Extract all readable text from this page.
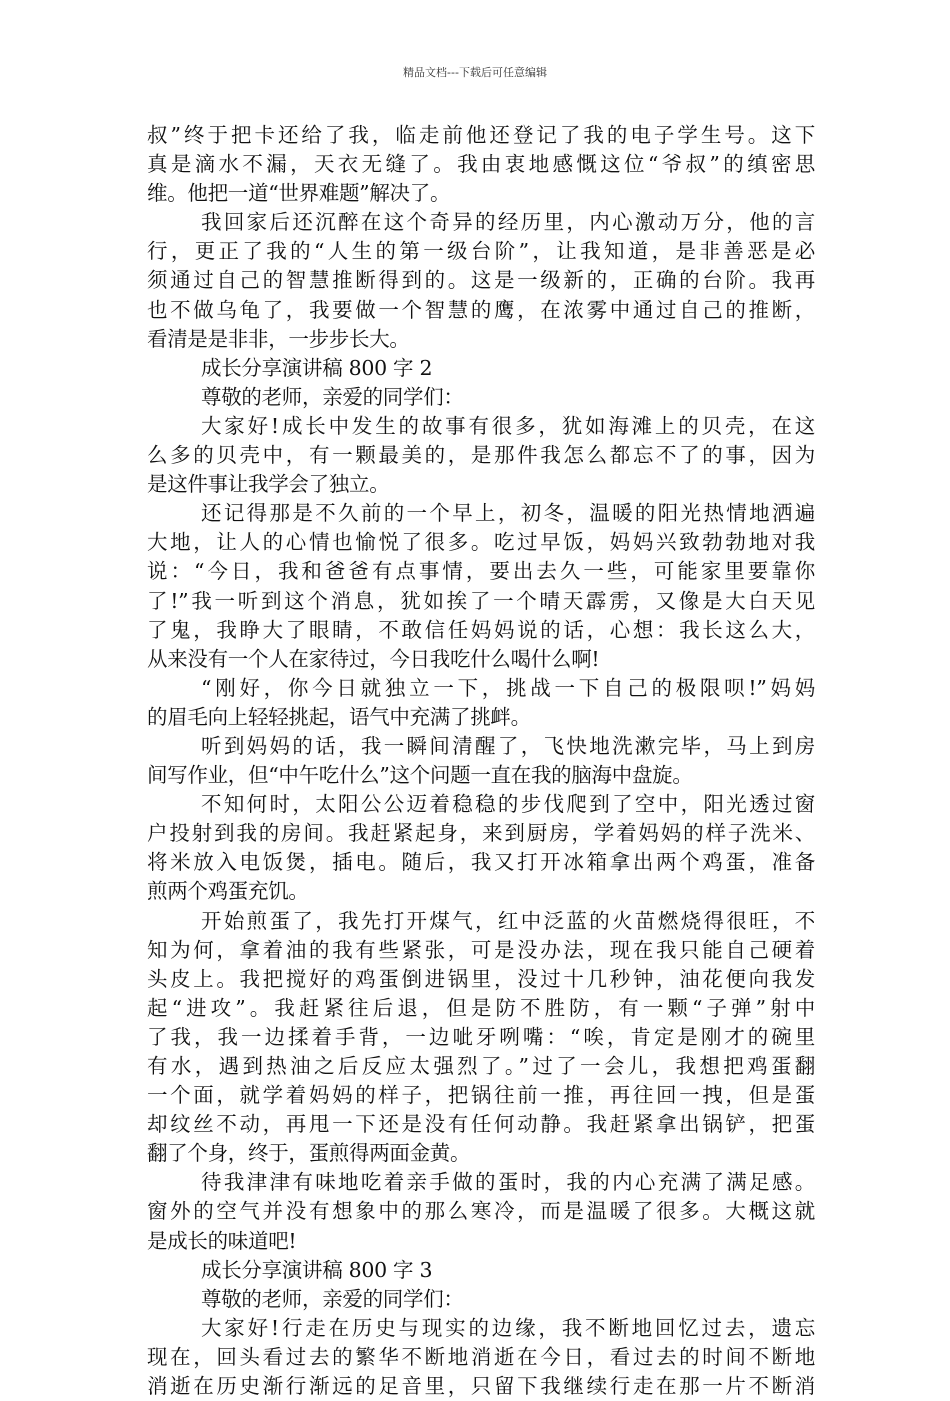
精品文档---下载后可任意编辑
叔”终于把卡还给了我，临走前他还登记了我的电子学生号。这下
真是滴水不漏，天衣无缝了。我由衷地感慨这位“爷叔”的缜密思
维。他把一道“世界难题”解决了。
我回家后还沉醉在这个奇异的经历里，内心激动万分，他的言
行，更正了我的“人生的第一级台阶”，让我知道，是非善恶是必
须通过自己的智慧推断得到的。这是一级新的，正确的台阶。我再
也不做乌龟了，我要做一个智慧的鹰，在浓雾中通过自己的推断，
看清是是非非，一步步长大。
成长分享演讲稿 800 字 2
尊敬的老师，亲爱的同学们：
大家好!成长中发生的故事有很多，犹如海滩上的贝壳，在这
么多的贝壳中，有一颗最美的，是那件我怎么都忘不了的事，因为
是这件事让我学会了独立。
还记得那是不久前的一个早上，初冬，温暖的阳光热情地洒遍
大地，让人的心情也愉悦了很多。吃过早饭，妈妈兴致勃勃地对我
说：“今日，我和爸爸有点事情，要出去久一些，可能家里要靠你
了!”我一听到这个消息，犹如挨了一个晴天霹雳，又像是大白天见
了鬼，我睁大了眼睛，不敢信任妈妈说的话，心想：我长这么大，
从来没有一个人在家待过，今日我吃什么喝什么啊!
“刚好，你今日就独立一下，挑战一下自己的极限呗!”妈妈
的眉毛向上轻轻挑起，语气中充满了挑衅。
听到妈妈的话，我一瞬间清醒了，飞快地洗漱完毕，马上到房
间写作业，但“中午吃什么”这个问题一直在我的脑海中盘旋。
不知何时，太阳公公迈着稳稳的步伐爬到了空中，阳光透过窗
户投射到我的房间。我赶紧起身，来到厨房，学着妈妈的样子洗米、
将米放入电饭煲，插电。随后，我又打开冰箱拿出两个鸡蛋，准备
煎两个鸡蛋充饥。
开始煎蛋了，我先打开煤气，红中泛蓝的火苗燃烧得很旺，不
知为何，拿着油的我有些紧张，可是没办法，现在我只能自己硬着
头皮上。我把搅好的鸡蛋倒进锅里，没过十几秒钟，油花便向我发
起“进攻”。我赶紧往后退，但是防不胜防，有一颗“子弹”射中
了我，我一边揉着手背，一边呲牙咧嘴：“唉，肯定是刚才的碗里
有水，遇到热油之后反应太强烈了。”过了一会儿，我想把鸡蛋翻
一个面，就学着妈妈的样子，把锅往前一推，再往回一拽，但是蛋
却纹丝不动，再甩一下还是没有任何动静。我赶紧拿出锅铲，把蛋
翻了个身，终于，蛋煎得两面金黄。
待我津津有味地吃着亲手做的蛋时，我的内心充满了满足感。
窗外的空气并没有想象中的那么寒冷，而是温暖了很多。大概这就
是成长的味道吧!
成长分享演讲稿 800 字 3
尊敬的老师，亲爱的同学们：
大家好!行走在历史与现实的边缘，我不断地回忆过去，遗忘
现在，回头看过去的繁华不断地消逝在今日，看过去的时间不断地
消逝在历史渐行渐远的足音里，只留下我继续行走在那一片不断消
